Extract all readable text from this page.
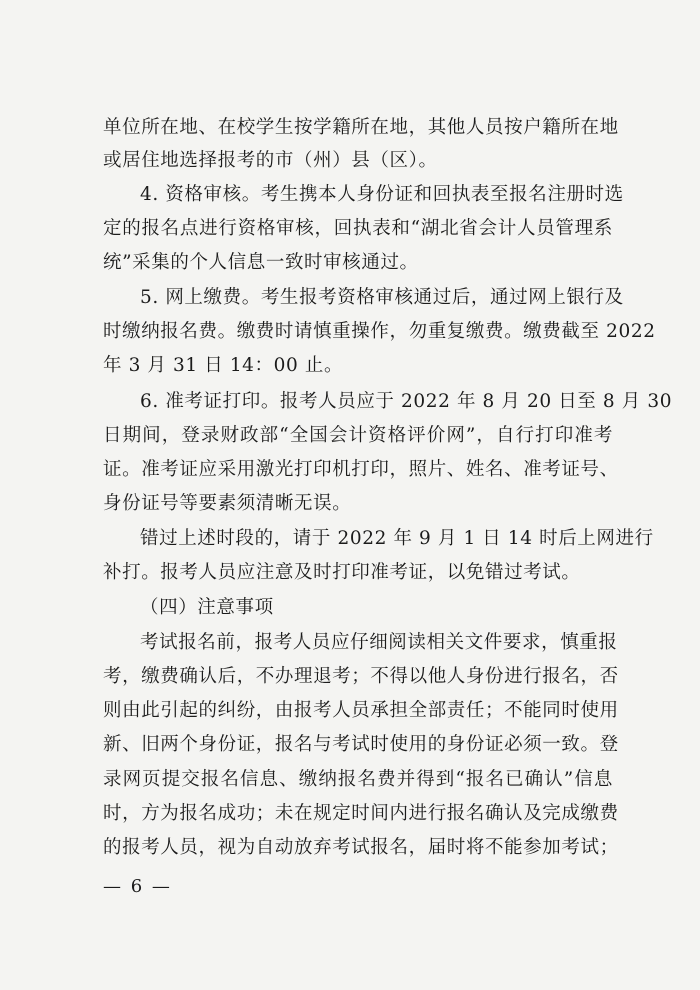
单位所在地、在校学生按学籍所在地，其他人员按户籍所在地
或居住地选择报考的市（州）县（区）。
4. 资格审核。考生携本人身份证和回执表至报名注册时选
定的报名点进行资格审核，回执表和“湖北省会计人员管理系
统”采集的个人信息一致时审核通过。
5. 网上缴费。考生报考资格审核通过后，通过网上银行及
时缴纳报名费。缴费时请慎重操作，勿重复缴费。缴费截至 2022
年 3 月 31 日 14：00 止。
6. 准考证打印。报考人员应于 2022 年 8 月 20 日至 8 月 30
日期间，登录财政部“全国会计资格评价网”，自行打印准考
证。准考证应采用激光打印机打印，照片、姓名、准考证号、
身份证号等要素须清晰无误。
错过上述时段的，请于 2022 年 9 月 1 日 14 时后上网进行
补打。报考人员应注意及时打印准考证，以免错过考试。
（四）注意事项
考试报名前，报考人员应仔细阅读相关文件要求，慎重报
考，缴费确认后，不办理退考；不得以他人身份进行报名，否
则由此引起的纠纷，由报考人员承担全部责任；不能同时使用
新、旧两个身份证，报名与考试时使用的身份证必须一致。登
录网页提交报名信息、缴纳报名费并得到“报名已确认”信息
时，方为报名成功；未在规定时间内进行报名确认及完成缴费
的报考人员，视为自动放弃考试报名，届时将不能参加考试；
— 6 —
